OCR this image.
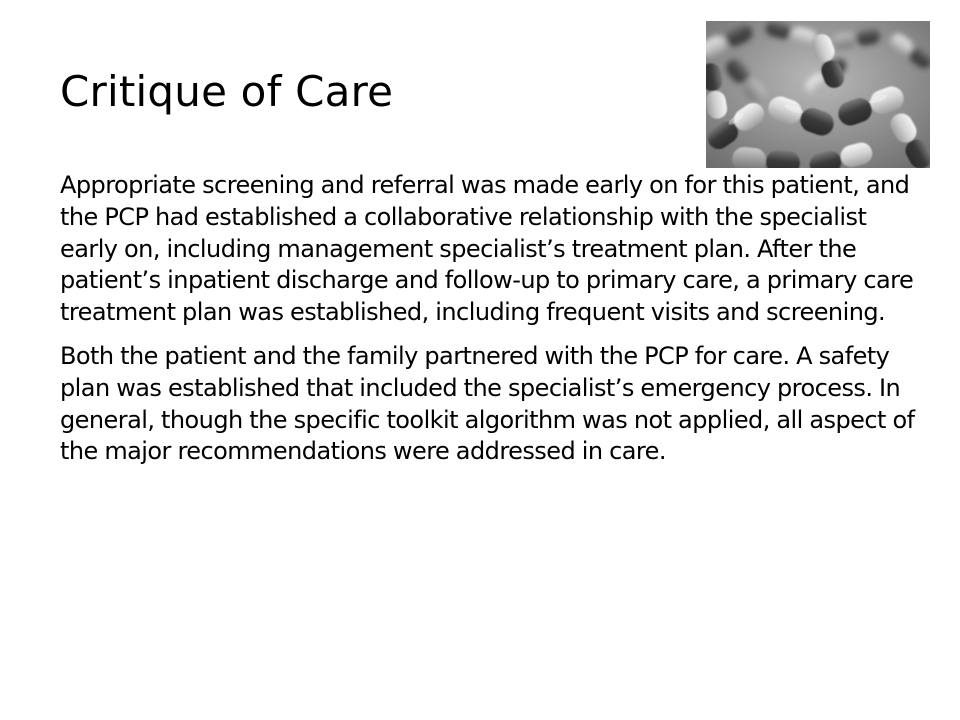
Critique of Care

Appropriate screening and referral was made early on for this patient, and the PCP had established a collaborative relationship with the specialist early on, including management specialist’s treatment plan. After the patient’s inpatient discharge and follow-up to primary care, a primary care treatment plan was established, including frequent visits and screening.

Both the patient and the family partnered with the PCP for care. A safety plan was established that included the specialist’s emergency process. In general, though the specific toolkit algorithm was not applied, all aspect of the major recommendations were addressed in care.
